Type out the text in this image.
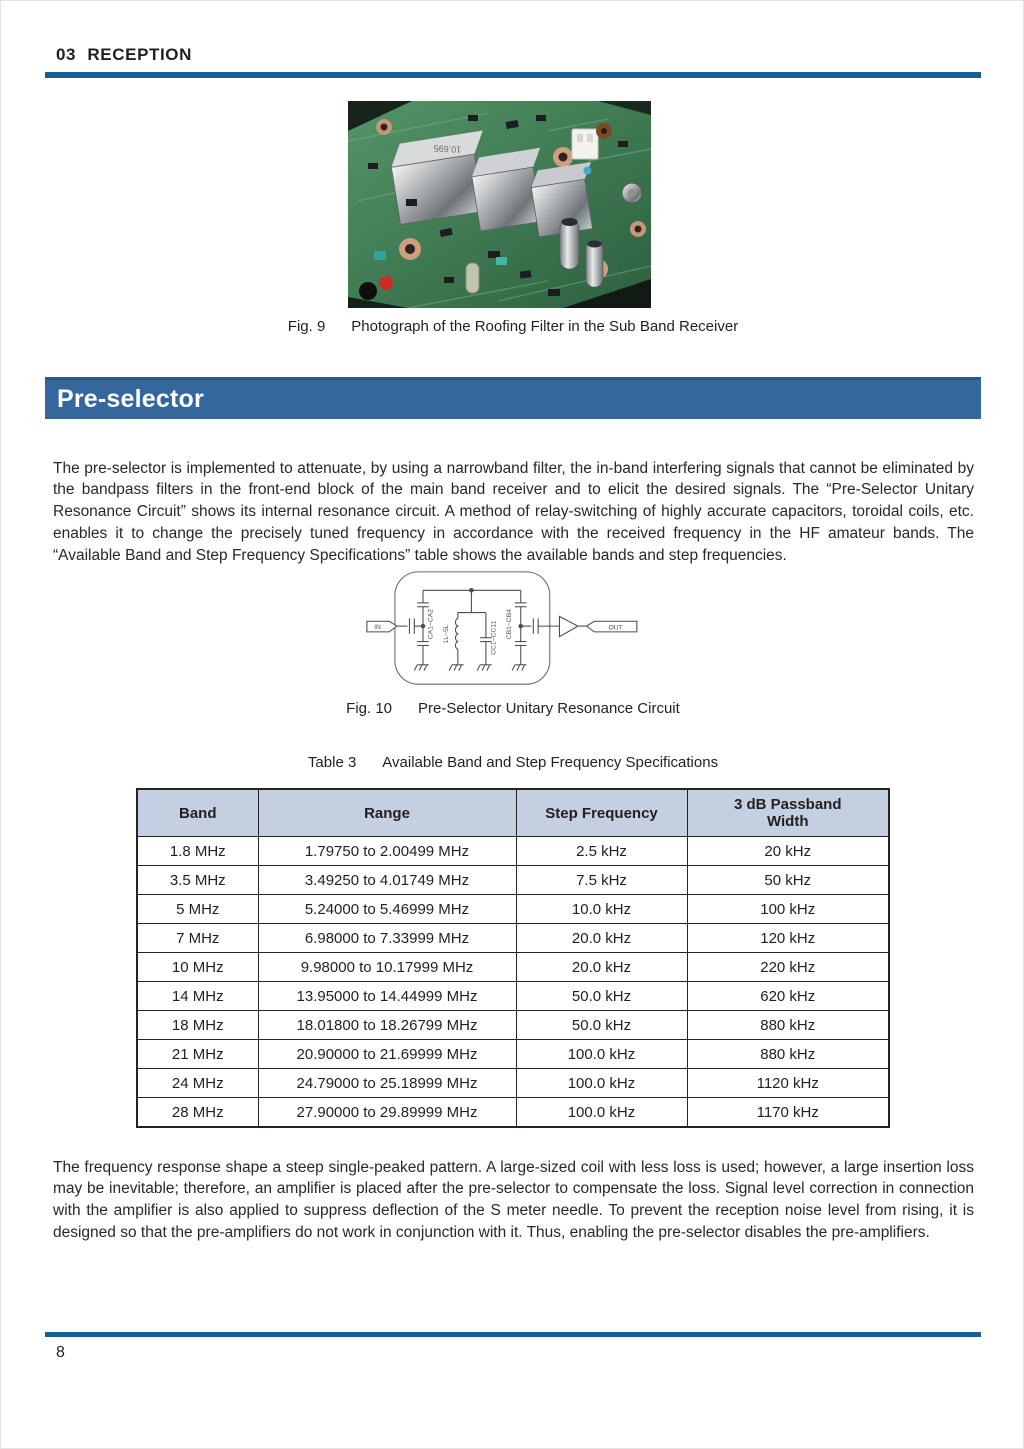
03 RECEPTION
10.695
Fig. 9 Photograph of the Roofing Filter in the Sub Band Receiver
Pre-selector

The pre-selector is implemented to attenuate, by using a narrowband filter, the in-band interfering signals that cannot be eliminated by the bandpass filters in the front-end block of the main band receiver and to elicit the desired signals. The “Pre-Selector Unitary Resonance Circuit” shows its internal resonance circuit. A method of relay-switching of highly accurate capacitors, toroidal coils, etc. enables it to change the precisely tuned frequency in accordance with the received frequency in the HF amateur bands. The “Available Band and Step Frequency Specifications” table shows the available bands and step frequencies.

IN	OUT
CA1~CA2 1L~5L	CC1~CC11 CB1~CB4
Fig. 10 Pre-Selector Unitary Resonance Circuit
Table 3 Available Band and Step Frequency Specifications
Band	Range	Step Frequency	3 dB Passband Width
1.8 MHz	1.79750 to 2.00499 MHz	2.5 kHz	20 kHz
3.5 MHz	3.49250 to 4.01749 MHz	7.5 kHz	50 kHz
5 MHz	5.24000 to 5.46999 MHz	10.0 kHz	100 kHz
7 MHz	6.98000 to 7.33999 MHz	20.0 kHz	120 kHz
10 MHz	9.98000 to 10.17999 MHz	20.0 kHz	220 kHz
14 MHz	13.95000 to 14.44999 MHz	50.0 kHz	620 kHz
18 MHz	18.01800 to 18.26799 MHz	50.0 kHz	880 kHz
21 MHz	20.90000 to 21.69999 MHz	100.0 kHz	880 kHz
24 MHz	24.79000 to 25.18999 MHz	100.0 kHz	1120 kHz
28 MHz	27.90000 to 29.89999 MHz	100.0 kHz	1170 kHz

The frequency response shape a steep single-peaked pattern. A large-sized coil with less loss is used; however, a large insertion loss may be inevitable; therefore, an amplifier is placed after the pre-selector to compensate the loss. Signal level correction in connection with the amplifier is also applied to suppress deflection of the S meter needle. To prevent the reception noise level from rising, it is designed so that the pre-amplifiers do not work in conjunction with it. Thus, enabling the pre-selector disables the pre-amplifiers.

8
